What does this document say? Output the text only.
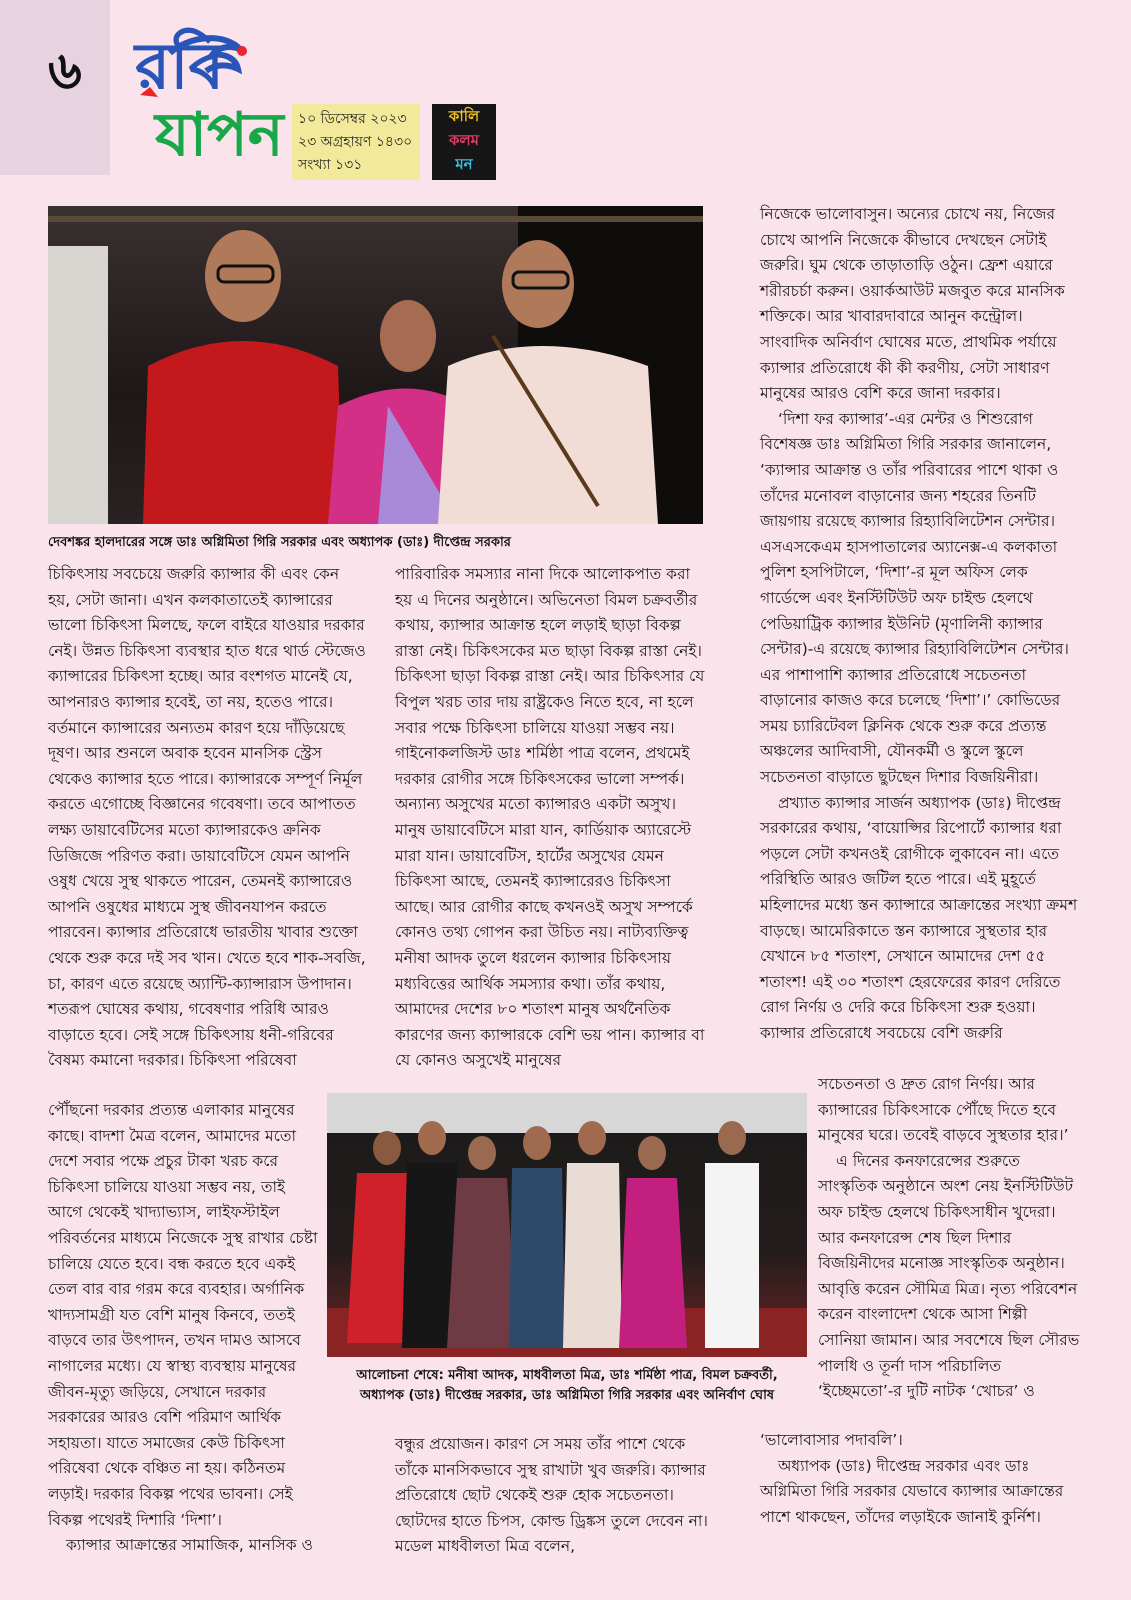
৬ রবি
যাপন ১০ ডিসেম্বর ২০২৩
২৩ অগ্রহায়ণ ১৪৩০
সংখ্যা ১৩১
কালি
কলম
মন
দেবশঙ্কর হালদারের সঙ্গে ডাঃ অগ্নিমিতা গিরি সরকার এবং অধ্যাপক (ডাঃ) দীপ্তেন্দ্র সরকার
আলোচনা শেষে: মনীষা আদক, মাধবীলতা মিত্র, ডাঃ শর্মিষ্ঠা পাত্র, বিমল চক্রবর্তী,
অধ্যাপক (ডাঃ) দীপ্তেন্দ্র সরকার, ডাঃ অগ্নিমিতা গিরি সরকার এবং অনির্বাণ ঘোষ

চিকিৎসায় সবচেয়ে জরুরি ক্যান্সার কী এবং কেন হয়, সেটা জানা। এখন কলকাতাতেই ক্যান্সারের ভালো চিকিৎসা মিলছে, ফলে বাইরে যাওয়ার দরকার নেই। উন্নত চিকিৎসা ব্যবস্থার হাত ধরে থার্ড স্টেজেও ক্যান্সারের চিকিৎসা হচ্ছে। আর বংশগত মানেই যে, আপনারও ক্যান্সার হবেই, তা নয়, হতেও পারে। বর্তমানে ক্যান্সারের অন্যতম কারণ হয়ে দাঁড়িয়েছে দূষণ। আর শুনলে অবাক হবেন মানসিক স্ট্রেস থেকেও ক্যান্সার হতে পারে। ক্যান্সারকে সম্পূর্ণ নির্মূল করতে এগোচ্ছে বিজ্ঞানের গবেষণা। তবে আপাতত লক্ষ্য ডায়াবেটিসের মতো ক্যান্সারকেও ক্রনিক ডিজিজে পরিণত করা। ডায়াবেটিসে যেমন আপনি ওষুধ খেয়ে সুস্থ থাকতে পারেন, তেমনই ক্যান্সারেও আপনি ওষুধের মাধ্যমে সুস্থ জীবনযাপন করতে পারবেন। ক্যান্সার প্রতিরোধে ভারতীয় খাবার শুক্তো থেকে শুরু করে দই সব খান। খেতে হবে শাক-সবজি, চা, কারণ এতে রয়েছে অ্যান্টি-ক্যান্সারাস উপাদান। শতরূপ ঘোষের কথায়, গবেষণার পরিধি আরও বাড়াতে হবে। সেই সঙ্গে চিকিৎসায় ধনী-গরিবের বৈষম্য কমানো দরকার। চিকিৎসা পরিষেবা

পৌঁছনো দরকার প্রত্যন্ত এলাকার মানুষের কাছে। বাদশা মৈত্র বলেন, আমাদের মতো দেশে সবার পক্ষে প্রচুর টাকা খরচ করে চিকিৎসা চালিয়ে যাওয়া সম্ভব নয়, তাই আগে থেকেই খাদ্যাভ্যাস, লাইফস্টাইল পরিবর্তনের মাধ্যমে নিজেকে সুস্থ রাখার চেষ্টা চালিয়ে যেতে হবে। বন্ধ করতে হবে একই তেল বার বার গরম করে ব্যবহার। অর্গানিক খাদ্যসামগ্রী যত বেশি মানুষ কিনবে, ততই বাড়বে তার উৎপাদন, তখন দামও আসবে নাগালের মধ্যে। যে স্বাস্থ্য ব্যবস্থায় মানুষের জীবন-মৃত্যু জড়িয়ে, সেখানে দরকার সরকারের আরও বেশি পরিমাণ আর্থিক সহায়তা। যাতে সমাজের কেউ চিকিৎসা পরিষেবা থেকে বঞ্চিত না হয়। কঠিনতম লড়াই। দরকার বিকল্প পথের ভাবনা। সেই বিকল্প পথেরই দিশারি ‘দিশা’।

ক্যান্সার আক্রান্তের সামাজিক, মানসিক ও

পারিবারিক সমস্যার নানা দিকে আলোকপাত করা হয় এ দিনের অনুষ্ঠানে। অভিনেতা বিমল চক্রবর্তীর কথায়, ক্যান্সার আক্রান্ত হলে লড়াই ছাড়া বিকল্প রাস্তা নেই। চিকিৎসকের মত ছাড়া বিকল্প রাস্তা নেই। চিকিৎসা ছাড়া বিকল্প রাস্তা নেই। আর চিকিৎসার যে বিপুল খরচ তার দায় রাষ্ট্রকেও নিতে হবে, না হলে সবার পক্ষে চিকিৎসা চালিয়ে যাওয়া সম্ভব নয়। গাইনোকলজিস্ট ডাঃ শর্মিষ্ঠা পাত্র বলেন, প্রথমেই দরকার রোগীর সঙ্গে চিকিৎসকের ভালো সম্পর্ক। অন্যান্য অসুখের মতো ক্যান্সারও একটা অসুখ। মানুষ ডায়াবেটিসে মারা যান, কার্ডিয়াক অ্যারেস্টে মারা যান। ডায়াবেটিস, হার্টের অসুখের যেমন চিকিৎসা আছে, তেমনই ক্যান্সারেরও চিকিৎসা আছে। আর রোগীর কাছে কখনওই অসুখ সম্পর্কে কোনও তথ্য গোপন করা উচিত নয়। নাট্যব্যক্তিত্ব মনীষা আদক তুলে ধরলেন ক্যান্সার চিকিৎসায় মধ্যবিত্তের আর্থিক সমস্যার কথা। তাঁর কথায়, আমাদের দেশের ৮০ শতাংশ মানুষ অর্থনৈতিক কারণের জন্য ক্যান্সারকে বেশি ভয় পান। ক্যান্সার বা যে কোনও অসুখেই মানুষের

বন্ধুর প্রয়োজন। কারণ সে সময় তাঁর পাশে থেকে তাঁকে মানসিকভাবে সুস্থ রাখাটা খুব জরুরি। ক্যান্সার প্রতিরোধে ছোট থেকেই শুরু হোক সচেতনতা। ছোটদের হাতে চিপস, কোল্ড ড্রিঙ্কস তুলে দেবেন না। মডেল মাধবীলতা মিত্র বলেন,

নিজেকে ভালোবাসুন। অন্যের চোখে নয়, নিজের চোখে আপনি নিজেকে কীভাবে দেখছেন সেটাই জরুরি। ঘুম থেকে তাড়াতাড়ি ওঠুন। ফ্রেশ এয়ারে শরীরচর্চা করুন। ওয়ার্কআউট মজবুত করে মানসিক শক্তিকে। আর খাবারদাবারে আনুন কন্ট্রোল। সাংবাদিক অনির্বাণ ঘোষের মতে, প্রাথমিক পর্যায়ে ক্যান্সার প্রতিরোধে কী কী করণীয়, সেটা সাধারণ মানুষের আরও বেশি করে জানা দরকার।

‘দিশা ফর ক্যান্সার’-এর মেন্টর ও শিশুরোগ বিশেষজ্ঞ ডাঃ অগ্নিমিতা গিরি সরকার জানালেন, ‘ক্যান্সার আক্রান্ত ও তাঁর পরিবারের পাশে থাকা ও তাঁদের মনোবল বাড়ানোর জন্য শহরের তিনটি জায়গায় রয়েছে ক্যান্সার রিহ্যাবিলিটেশন সেন্টার। এসএসকেএম হাসপাতালের অ্যানেক্স-এ কলকাতা পুলিশ হসপিটালে, ‘দিশা’-র মূল অফিস লেক গার্ডেন্সে এবং ইনস্টিটিউট অফ চাইল্ড হেলথে পেডিয়াট্রিক ক্যান্সার ইউনিট (মৃণালিনী ক্যান্সার সেন্টার)-এ রয়েছে ক্যান্সার রিহ্যাবিলিটেশন সেন্টার। এর পাশাপাশি ক্যান্সার প্রতিরোধে সচেতনতা বাড়ানোর কাজও করে চলেছে ‘দিশা’।’ কোভিডের সময় চ্যারিটেবল ক্লিনিক থেকে শুরু করে প্রত্যন্ত অঞ্চলের আদিবাসী, যৌনকর্মী ও স্কুলে স্কুলে সচেতনতা বাড়াতে ছুটছেন দিশার বিজয়িনীরা।

প্রখ্যাত ক্যান্সার সার্জন অধ্যাপক (ডাঃ) দীপ্তেন্দ্র সরকারের কথায়, ‘বায়োপ্সির রিপোর্টে ক্যান্সার ধরা পড়লে সেটা কখনওই রোগীকে লুকাবেন না। এতে পরিস্থিতি আরও জটিল হতে পারে। এই মুহূর্তে মহিলাদের মধ্যে স্তন ক্যান্সারে আক্রান্তের সংখ্যা ক্রমশ বাড়ছে। আমেরিকাতে স্তন ক্যান্সারে সুস্থতার হার যেখানে ৮৫ শতাংশ, সেখানে আমাদের দেশ ৫৫ শতাংশ! এই ৩০ শতাংশ হেরফেরের কারণ দেরিতে রোগ নির্ণয় ও দেরি করে চিকিৎসা শুরু হওয়া। ক্যান্সার প্রতিরোধে সবচেয়ে বেশি জরুরি

সচেতনতা ও দ্রুত রোগ নির্ণয়। আর ক্যান্সারের চিকিৎসাকে পৌঁছে দিতে হবে মানুষের ঘরে। তবেই বাড়বে সুস্থতার হার।’

এ দিনের কনফারেন্সের শুরুতে সাংস্কৃতিক অনুষ্ঠানে অংশ নেয় ইনস্টিটিউট অফ চাইল্ড হেলথে চিকিৎসাধীন খুদেরা। আর কনফারেন্স শেষ ছিল দিশার বিজয়িনীদের মনোজ্ঞ সাংস্কৃতিক অনুষ্ঠান। আবৃত্তি করেন সৌমিত্র মিত্র। নৃত্য পরিবেশন করেন বাংলাদেশ থেকে আসা শিল্পী সোনিয়া জামান। আর সবশেষে ছিল সৌরভ পালধি ও তূর্না দাস পরিচালিত ‘ইচ্ছেমতো’-র দুটি নাটক ‘খোচর’ ও

‘ভালোবাসার পদাবলি’।

অধ্যাপক (ডাঃ) দীপ্তেন্দ্র সরকার এবং ডাঃ অগ্নিমিতা গিরি সরকার যেভাবে ক্যান্সার আক্রান্তের পাশে থাকছেন, তাঁদের লড়াইকে জানাই কুর্নিশ।
